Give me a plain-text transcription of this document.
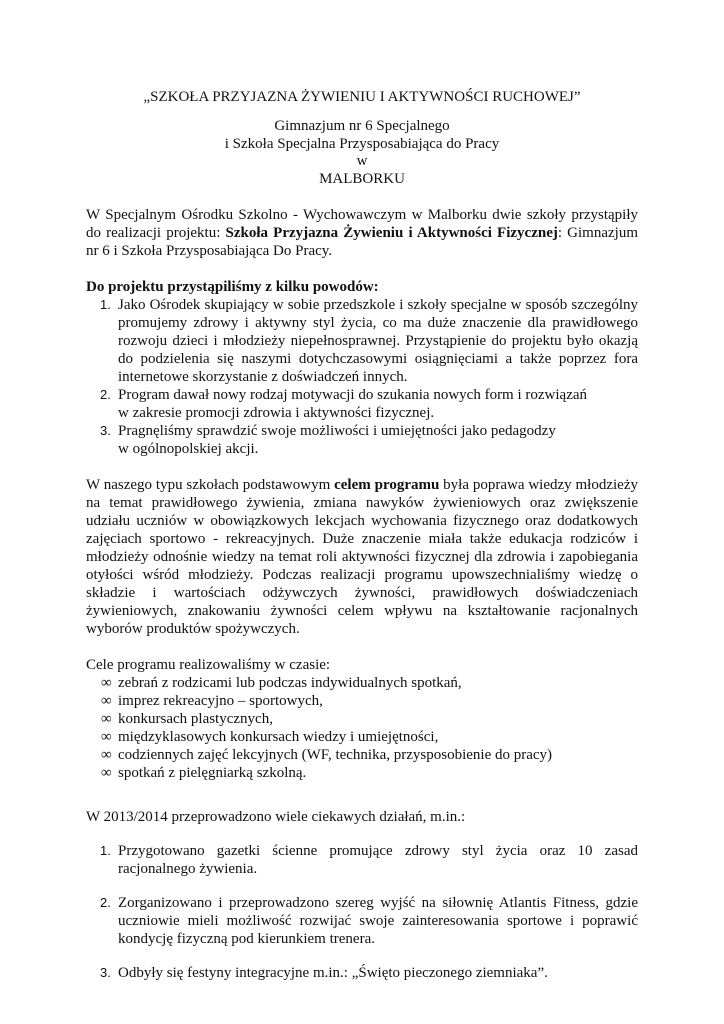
„SZKOŁA PRZYJAZNA ŻYWIENIU I AKTYWNOŚCI RUCHOWEJ”
Gimnazjum nr 6 Specjalnego
i Szkoła Specjalna Przysposabiająca do Pracy
w
MALBORKU

W Specjalnym Ośrodku Szkolno - Wychowawczym w Malborku dwie szkoły przystąpiły do realizacji projektu: Szkoła Przyjazna Żywieniu i Aktywności Fizycznej: Gimnazjum nr 6 i Szkoła Przysposabiająca Do Pracy.

Do projektu przystąpiliśmy z kilku powodów:

1. Jako Ośrodek skupiający w sobie przedszkole i szkoły specjalne w sposób szczególny promujemy zdrowy i aktywny styl życia, co ma duże znaczenie dla prawidłowego rozwoju dzieci i młodzieży niepełnosprawnej. Przystąpienie do projektu było okazją do podzielenia się naszymi dotychczasowymi osiągnięciami a także poprzez fora internetowe skorzystanie z doświadczeń innych.
2. Program dawał nowy rodzaj motywacji do szukania nowych form i rozwiązań
w zakresie promocji zdrowia i aktywności fizycznej.
3. Pragnęliśmy sprawdzić swoje możliwości i umiejętności jako pedagodzy
w ogólnopolskiej akcji.

W naszego typu szkołach podstawowym celem programu była poprawa wiedzy młodzieży na temat prawidłowego żywienia, zmiana nawyków żywieniowych oraz zwiększenie udziału uczniów w obowiązkowych lekcjach wychowania fizycznego oraz dodatkowych zajęciach sportowo - rekreacyjnych. Duże znaczenie miała także edukacja rodziców i młodzieży odnośnie wiedzy na temat roli aktywności fizycznej dla zdrowia i zapobiegania otyłości wśród młodzieży. Podczas realizacji programu upowszechnialiśmy wiedzę o składzie i wartościach odżywczych żywności, prawidłowych doświadczeniach żywieniowych, znakowaniu żywności celem wpływu na kształtowanie racjonalnych wyborów produktów spożywczych.

Cele programu realizowaliśmy w czasie:

∞ zebrań z rodzicami lub podczas indywidualnych spotkań,
∞ imprez rekreacyjno – sportowych,
∞ konkursach plastycznych,
∞ międzyklasowych konkursach wiedzy i umiejętności,
∞ codziennych zajęć lekcyjnych (WF, technika, przysposobienie do pracy)
∞ spotkań z pielęgniarką szkolną.

W 2013/2014 przeprowadzono wiele ciekawych działań, m.in.:

1. Przygotowano gazetki ścienne promujące zdrowy styl życia oraz 10 zasad racjonalnego żywienia.
2. Zorganizowano i przeprowadzono szereg wyjść na siłownię Atlantis Fitness, gdzie uczniowie mieli możliwość rozwijać swoje zainteresowania sportowe i poprawić kondycję fizyczną pod kierunkiem trenera.
3. Odbyły się festyny integracyjne m.in.: „Święto pieczonego ziemniaka”.
